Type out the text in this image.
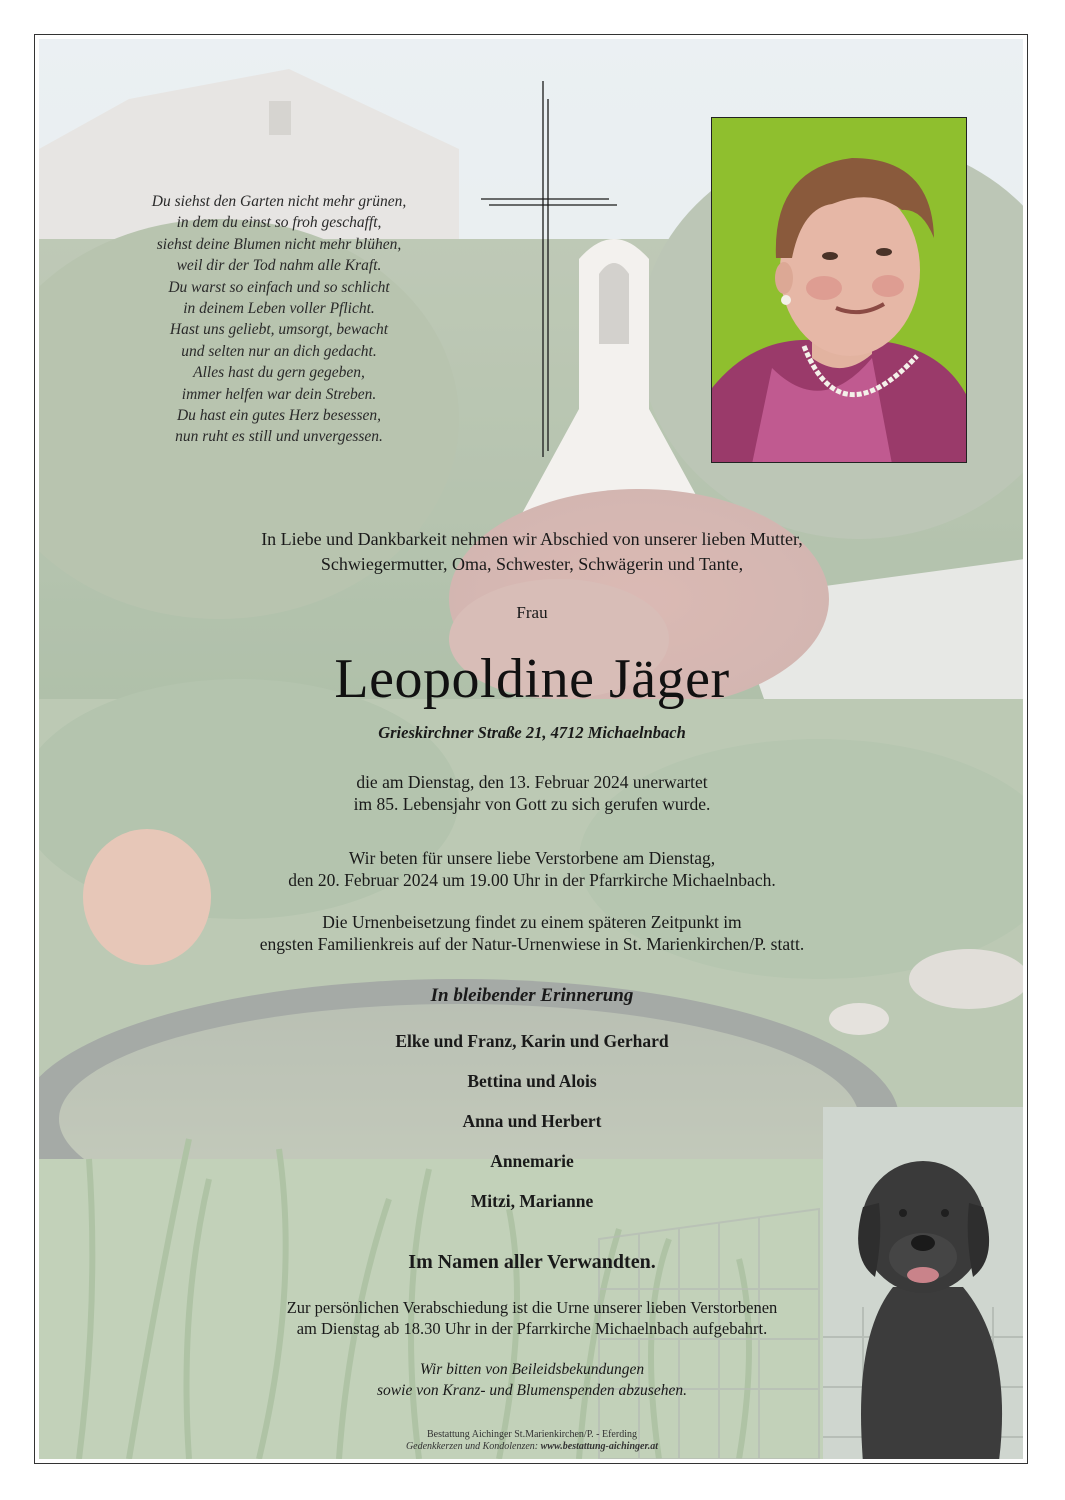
Du siehst den Garten nicht mehr grünen,
in dem du einst so froh geschafft,
siehst deine Blumen nicht mehr blühen,
weil dir der Tod nahm alle Kraft.
Du warst so einfach und so schlicht
in deinem Leben voller Pflicht.
Hast uns geliebt, umsorgt, bewacht
und selten nur an dich gedacht.
Alles hast du gern gegeben,
immer helfen war dein Streben.
Du hast ein gutes Herz besessen,
nun ruht es still und unvergessen.
In Liebe und Dankbarkeit nehmen wir Abschied von unserer lieben Mutter,
Schwiegermutter, Oma, Schwester, Schwägerin und Tante,
Frau
Leopoldine Jäger
Grieskirchner Straße 21, 4712 Michaelnbach
die am Dienstag, den 13. Februar 2024 unerwartet
im 85. Lebensjahr von Gott zu sich gerufen wurde.
Wir beten für unsere liebe Verstorbene am Dienstag,
den 20. Februar 2024 um 19.00 Uhr in der Pfarrkirche Michaelnbach.
Die Urnenbeisetzung findet zu einem späteren Zeitpunkt im
engsten Familienkreis auf der Natur-Urnenwiese in St. Marienkirchen/P. statt.
In bleibender Erinnerung
Elke und Franz, Karin und Gerhard
Bettina und Alois
Anna und Herbert
Annemarie
Mitzi, Marianne
Im Namen aller Verwandten.
Zur persönlichen Verabschiedung ist die Urne unserer lieben Verstorbenen
am Dienstag ab 18.30 Uhr in der Pfarrkirche Michaelnbach aufgebahrt.
Wir bitten von Beileidsbekundungen
sowie von Kranz- und Blumenspenden abzusehen.
Bestattung Aichinger St.Marienkirchen/P. - Eferding
Gedenkkerzen und Kondolenzen: www.bestattung-aichinger.at
